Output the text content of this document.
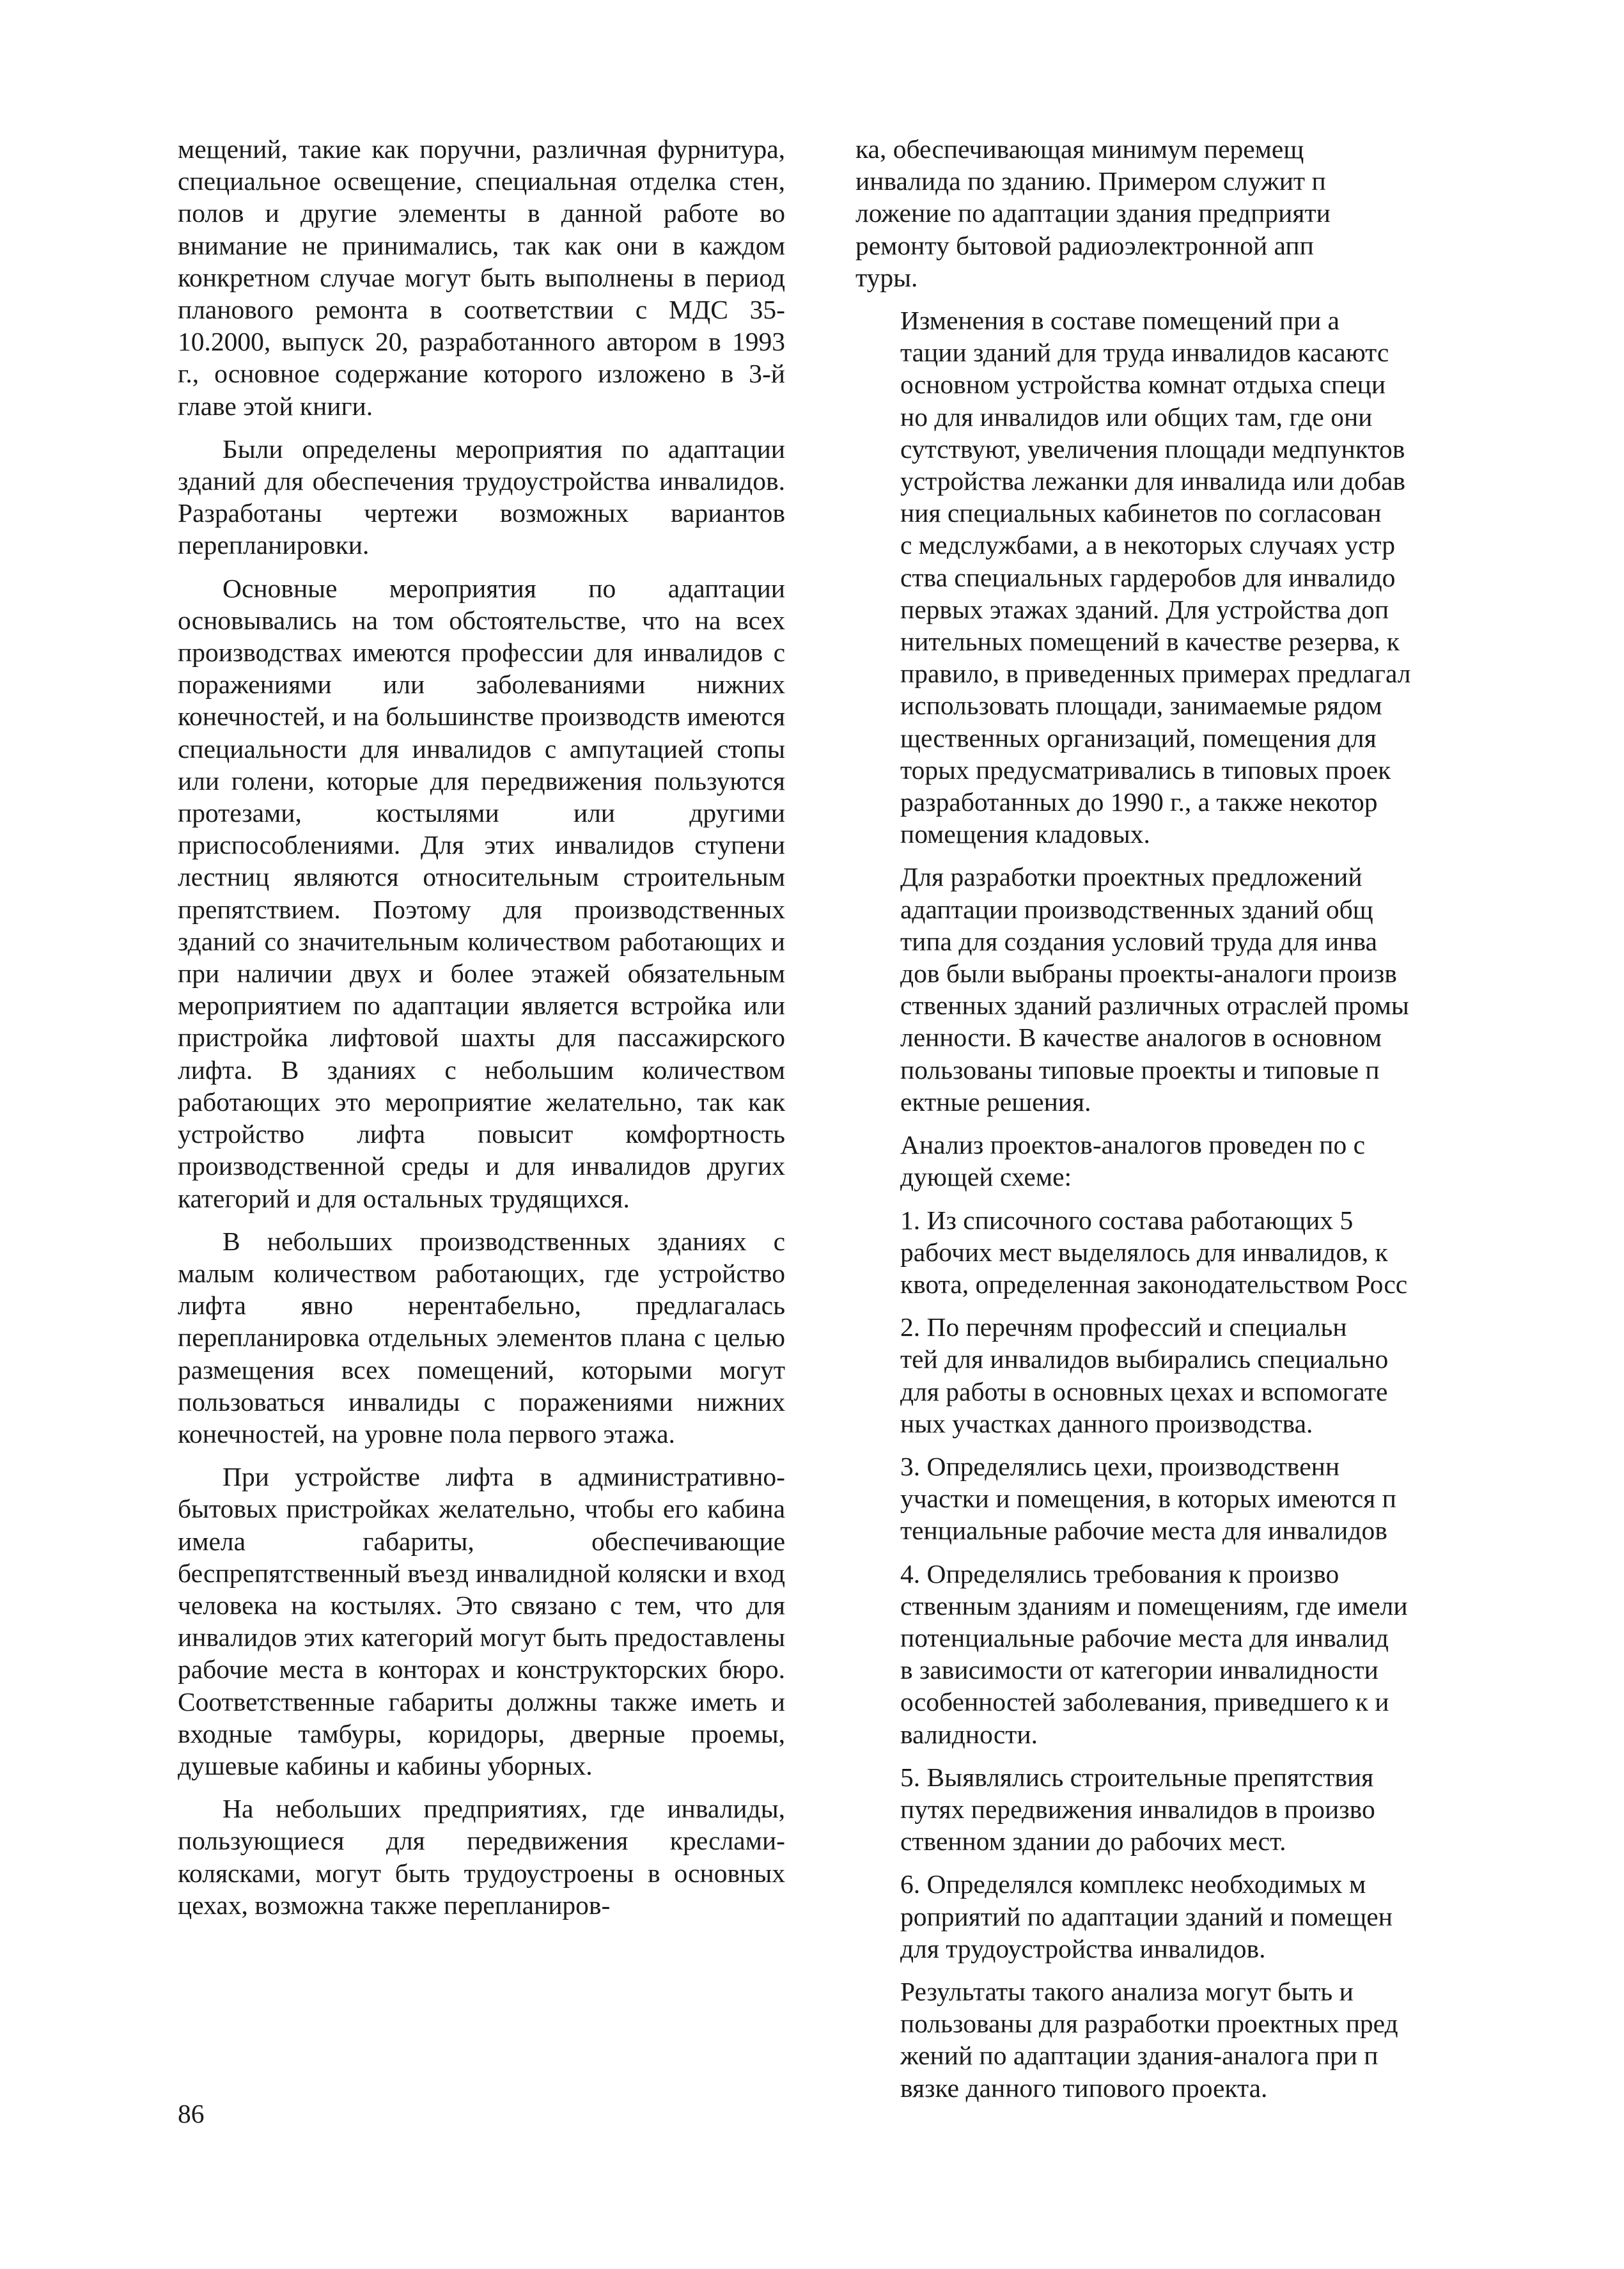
мещений, такие как поручни, различная фурнитура, специальное освещение, специальная отделка стен, полов и другие элементы в данной работе во внимание не принимались, так как они в каждом конкретном случае могут быть выполнены в период планового ремонта в соответствии с МДС 35-10.2000, выпуск 20, разработанного автором в 1993 г., основное содержание которого изложено в 3-й главе этой книги.

Были определены мероприятия по адаптации зданий для обеспечения трудоустройства инвалидов. Разработаны чертежи возможных вариантов перепланировки.

Основные мероприятия по адаптации основывались на том обстоятельстве, что на всех производствах имеются профессии для инвалидов с поражениями или заболеваниями нижних конечностей, и на большинстве производств имеются специальности для инвалидов с ампутацией стопы или голени, которые для передвижения пользуются протезами, костылями или другими приспособлениями. Для этих инвалидов ступени лестниц являются относительным строительным препятствием. Поэтому для производственных зданий со значительным количеством работающих и при наличии двух и более этажей обязательным мероприятием по адаптации является встройка или пристройка лифтовой шахты для пассажирского лифта. В зданиях с небольшим количеством работающих это мероприятие желательно, так как устройство лифта повысит комфортность производственной среды и для инвалидов других категорий и для остальных трудящихся.

В небольших производственных зданиях с малым количеством работающих, где устройство лифта явно нерентабельно, предлагалась перепланировка отдельных элементов плана с целью размещения всех помещений, которыми могут пользоваться инвалиды с поражениями нижних конечностей, на уровне пола первого этажа.

При устройстве лифта в административно-бытовых пристройках желательно, чтобы его кабина имела габариты, обеспечивающие беспрепятственный въезд инвалидной коляски и вход человека на костылях. Это связано с тем, что для инвалидов этих категорий могут быть предоставлены рабочие места в конторах и конструкторских бюро. Соответственные габариты должны также иметь и входные тамбуры, коридоры, дверные проемы, душевые кабины и кабины уборных.

На небольших предприятиях, где инвалиды, пользующиеся для передвижения креслами-колясками, могут быть трудоустроены в основных цехах, возможна также перепланиров-

ка, обеспечивающая минимум перемещ
инвалида по зданию. Примером служит п
ложение по адаптации здания предприяти
ремонту бытовой радиоэлектронной апп
туры.

Изменения в составе помещений при а
тации зданий для труда инвалидов касаютс
основном устройства комнат отдыха специ
но для инвалидов или общих там, где они
сутствуют, увеличения площади медпунктов
устройства лежанки для инвалида или добав
ния специальных кабинетов по согласован
с медслужбами, а в некоторых случаях устр
ства специальных гардеробов для инвалидо
первых этажах зданий. Для устройства доп
нительных помещений в качестве резерва, к
правило, в приведенных примерах предлагал
использовать площади, занимаемые рядом
щественных организаций, помещения для
торых предусматривались в типовых проек
разработанных до 1990 г., а также некотор
помещения кладовых.

Для разработки проектных предложений
адаптации производственных зданий общ
типа для создания условий труда для инва
дов были выбраны проекты-аналоги произв
ственных зданий различных отраслей промы
ленности. В качестве аналогов в основном
пользованы типовые проекты и типовые п
ектные решения.

Анализ проектов-аналогов проведен по с
дующей схеме:

1. Из списочного состава работающих 5
рабочих мест выделялось для инвалидов, к
квота, определенная законодательством Росс

2. По перечням профессий и специальн
тей для инвалидов выбирались специально
для работы в основных цехах и вспомогате
ных участках данного производства.

3. Определялись цехи, производственн
участки и помещения, в которых имеются п
тенциальные рабочие места для инвалидов

4. Определялись требования к произво
ственным зданиям и помещениям, где имели
потенциальные рабочие места для инвалид
в зависимости от категории инвалидности
особенностей заболевания, приведшего к и
валидности.

5. Выявлялись строительные препятствия
путях передвижения инвалидов в произво
ственном здании до рабочих мест.

6. Определялся комплекс необходимых м
роприятий по адаптации зданий и помещен
для трудоустройства инвалидов.

Результаты такого анализа могут быть и
пользованы для разработки проектных пред
жений по адаптации здания-аналога при п
вязке данного типового проекта.

86
